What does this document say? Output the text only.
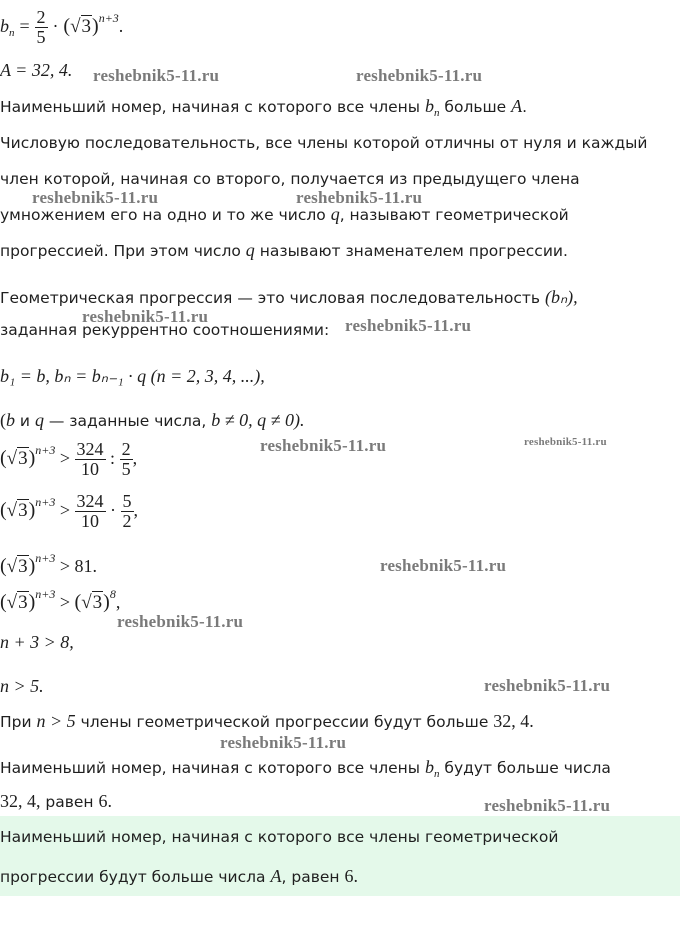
$b_n = \frac{2}{5} \cdot (√3)^{n+3}$.
A = 32, 4.
Наименьший номер, начиная с которого все члены $b_n$ больше A.
Числовую последовательность, все члены которой отличны от нуля и каждый
член которой, начиная со второго, получается из предыдущего члена
умножением его на одно и то же число q, называют геометрической
прогрессией. При этом число q называют знаменателем прогрессии.
Геометрическая прогрессия — это числовая последовательность (bₙ),
заданная рекуррентно соотношениями:
b₁ = b, bₙ = bₙ₋₁ · q (n = 2, 3, 4, ...),
(b и q — заданные числа, b ≠ 0, q ≠ 0).
$(√3)^{n+3} > \frac{324}{10}$ : $\frac{2}{5}$ ,
$(√3)^{n+3} > \frac{324}{10} \cdot \frac{5}{2}$ ,
$(√3)^{n+3} > 81$.
$(√3)^{n+3} > (√3)^8$,
n + 3 > 8,
n > 5.
При n > 5 члены геометрической прогрессии будут больше 32, 4.
Наименьший номер, начиная с которого все члены $b_n$ будут больше числа
32, 4, равен 6.
Наименьший номер, начиная с которого все члены геометрической
прогрессии будут больше числа A, равен 6.
reshebnik5-11.ru	reshebnik5-11.ru
reshebnik5-11.ru	reshebnik5-11.ru
reshebnik5-11.ru	reshebnik5-11.ru
reshebnik5-11.ru	reshebnik5-11.ru
reshebnik5-11.ru
reshebnik5-11.ru
reshebnik5-11.ru
reshebnik5-11.ru
reshebnik5-11.ru
